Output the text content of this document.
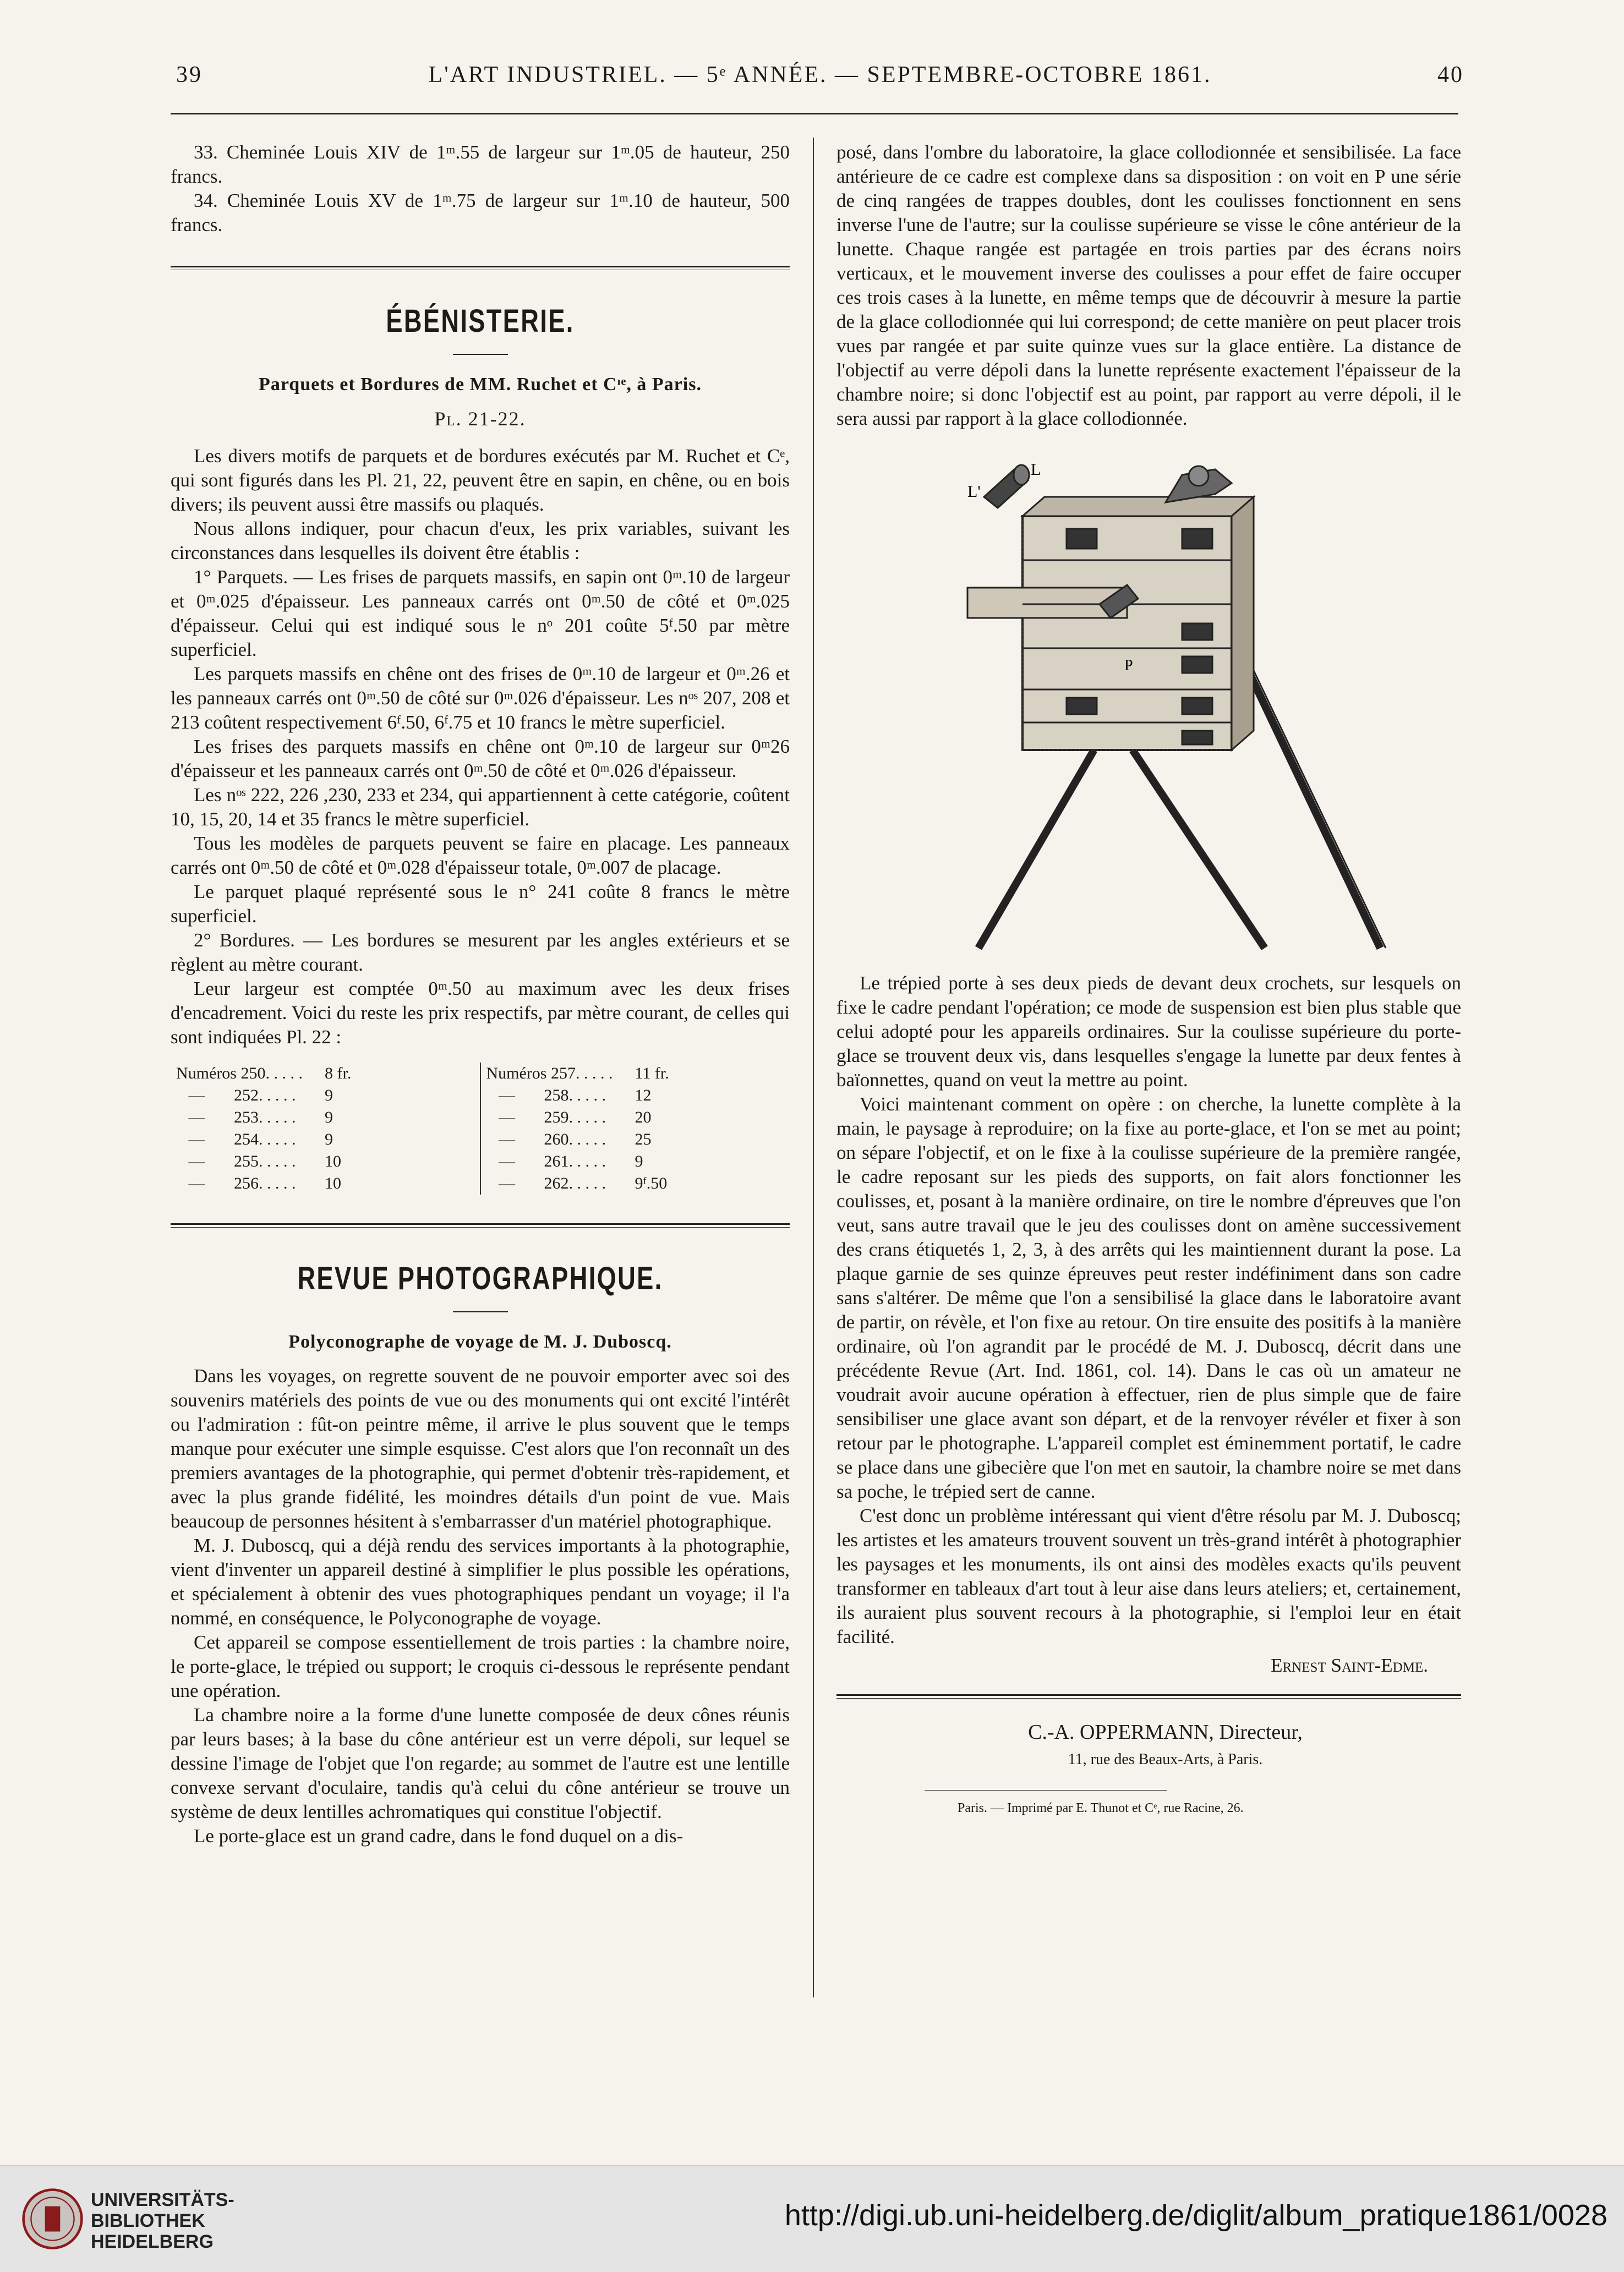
39	L'ART INDUSTRIEL. — 5ᵉ ANNÉE. — SEPTEMBRE-OCTOBRE 1861.	40

33. Cheminée Louis XIV de 1ᵐ.55 de largeur sur 1ᵐ.05 de hauteur, 250 francs.

34. Cheminée Louis XV de 1ᵐ.75 de largeur sur 1ᵐ.10 de hauteur, 500 francs.

ÉBÉNISTERIE.
Parquets et Bordures de MM. Ruchet et Cᶦᵉ, à Paris.
Pl. 21-22.

Les divers motifs de parquets et de bordures exécutés par M. Ruchet et Cᵉ, qui sont figurés dans les Pl. 21, 22, peuvent être en sapin, en chêne, ou en bois divers; ils peuvent aussi être massifs ou plaqués.

Nous allons indiquer, pour chacun d'eux, les prix variables, suivant les circonstances dans lesquelles ils doivent être établis :

1° Parquets. — Les frises de parquets massifs, en sapin ont 0ᵐ.10 de largeur et 0ᵐ.025 d'épaisseur. Les panneaux carrés ont 0ᵐ.50 de côté et 0ᵐ.025 d'épaisseur. Celui qui est indiqué sous le nᵒ 201 coûte 5ᶠ.50 par mètre superficiel.

Les parquets massifs en chêne ont des frises de 0ᵐ.10 de largeur et 0ᵐ.26 et les panneaux carrés ont 0ᵐ.50 de côté sur 0ᵐ.026 d'épaisseur. Les nᵒˢ 207, 208 et 213 coûtent respectivement 6ᶠ.50, 6ᶠ.75 et 10 francs le mètre superficiel.

Les frises des parquets massifs en chêne ont 0ᵐ.10 de largeur sur 0ᵐ26 d'épaisseur et les panneaux carrés ont 0ᵐ.50 de côté et 0ᵐ.026 d'épaisseur.

Les nᵒˢ 222, 226 ,230, 233 et 234, qui appartiennent à cette catégorie, coûtent 10, 15, 20, 14 et 35 francs le mètre superficiel.

Tous les modèles de parquets peuvent se faire en placage. Les panneaux carrés ont 0ᵐ.50 de côté et 0ᵐ.028 d'épaisseur totale, 0ᵐ.007 de placage.

Le parquet plaqué représenté sous le n° 241 coûte 8 francs le mètre superficiel.

2° Bordures. — Les bordures se mesurent par les angles extérieurs et se règlent au mètre courant.

Leur largeur est comptée 0ᵐ.50 au maximum avec les deux frises d'encadrement. Voici du reste les prix respectifs, par mètre courant, de celles qui sont indiquées Pl. 22 :

Numéros 250. . . . .	8 fr.
—       252. . . . .	9
—       253. . . . .	9
—       254. . . . .	9
—       255. . . . .	10
—       256. . . . .	10

Numéros 257. . . . .	11 fr.
—       258. . . . .	12
—       259. . . . .	20
—       260. . . . .	25
—       261. . . . .	9
—       262. . . . .	9ᶠ.50
REVUE PHOTOGRAPHIQUE.
Polyconographe de voyage de M. J. Duboscq.

Dans les voyages, on regrette souvent de ne pouvoir emporter avec soi des souvenirs matériels des points de vue ou des monuments qui ont excité l'intérêt ou l'admiration : fût-on peintre même, il arrive le plus souvent que le temps manque pour exécuter une simple esquisse. C'est alors que l'on reconnaît un des premiers avantages de la photographie, qui permet d'obtenir très-rapidement, et avec la plus grande fidélité, les moindres détails d'un point de vue. Mais beaucoup de personnes hésitent à s'embarrasser d'un matériel photographique.

M. J. Duboscq, qui a déjà rendu des services importants à la photographie, vient d'inventer un appareil destiné à simplifier le plus possible les opérations, et spécialement à obtenir des vues photographiques pendant un voyage; il l'a nommé, en conséquence, le Polyconographe de voyage.

Cet appareil se compose essentiellement de trois parties : la chambre noire, le porte-glace, le trépied ou support; le croquis ci-dessous le représente pendant une opération.

La chambre noire a la forme d'une lunette composée de deux cônes réunis par leurs bases; à la base du cône antérieur est un verre dépoli, sur lequel se dessine l'image de l'objet que l'on regarde; au sommet de l'autre est une lentille convexe servant d'oculaire, tandis qu'à celui du cône antérieur se trouve un système de deux lentilles achromatiques qui constitue l'objectif.

Le porte-glace est un grand cadre, dans le fond duquel on a dis-

posé, dans l'ombre du laboratoire, la glace collodionnée et sensibilisée. La face antérieure de ce cadre est complexe dans sa disposition : on voit en P une série de cinq rangées de trappes doubles, dont les coulisses fonctionnent en sens inverse l'une de l'autre; sur la coulisse supérieure se visse le cône antérieur de la lunette. Chaque rangée est partagée en trois parties par des écrans noirs verticaux, et le mouvement inverse des coulisses a pour effet de faire occuper ces trois cases à la lunette, en même temps que de découvrir à mesure la partie de la glace collodionnée qui lui correspond; de cette manière on peut placer trois vues par rangée et par suite quinze vues sur la glace entière. La distance de l'objectif au verre dépoli dans la lunette représente exactement l'épaisseur de la chambre noire; si donc l'objectif est au point, par rapport au verre dépoli, il le sera aussi par rapport à la glace collodionnée.

L
L'
P

Le trépied porte à ses deux pieds de devant deux crochets, sur lesquels on fixe le cadre pendant l'opération; ce mode de suspension est bien plus stable que celui adopté pour les appareils ordinaires. Sur la coulisse supérieure du porte-glace se trouvent deux vis, dans lesquelles s'engage la lunette par deux fentes à baïonnettes, quand on veut la mettre au point.

Voici maintenant comment on opère : on cherche, la lunette complète à la main, le paysage à reproduire; on la fixe au porte-glace, et l'on se met au point; on sépare l'objectif, et on le fixe à la coulisse supérieure de la première rangée, le cadre reposant sur les pieds des supports, on fait alors fonctionner les coulisses, et, posant à la manière ordinaire, on tire le nombre d'épreuves que l'on veut, sans autre travail que le jeu des coulisses dont on amène successivement des crans étiquetés 1, 2, 3, à des arrêts qui les maintiennent durant la pose. La plaque garnie de ses quinze épreuves peut rester indéfiniment dans son cadre sans s'altérer. De même que l'on a sensibilisé la glace dans le laboratoire avant de partir, on révèle, et l'on fixe au retour. On tire ensuite des positifs à la manière ordinaire, où l'on agrandit par le procédé de M. J. Duboscq, décrit dans une précédente Revue (Art. Ind. 1861, col. 14). Dans le cas où un amateur ne voudrait avoir aucune opération à effectuer, rien de plus simple que de faire sensibiliser une glace avant son départ, et de la renvoyer révéler et fixer à son retour par le photographe. L'appareil complet est éminemment portatif, le cadre se place dans une gibecière que l'on met en sautoir, la chambre noire se met dans sa poche, le trépied sert de canne.

C'est donc un problème intéressant qui vient d'être résolu par M. J. Duboscq; les artistes et les amateurs trouvent souvent un très-grand intérêt à photographier les paysages et les monuments, ils ont ainsi des modèles exacts qu'ils peuvent transformer en tableaux d'art tout à leur aise dans leurs ateliers; et, certainement, ils auraient plus souvent recours à la photographie, si l'emploi leur en était facilité.

Ernest Saint-Edme.
C.-A. OPPERMANN, Directeur,
11, rue des Beaux-Arts, à Paris.
Paris. — Imprimé par E. Thunot et Cᵉ, rue Racine, 26.
UNIVERSITÄTS-
BIBLIOTHEK
HEIDELBERG
http://digi.ub.uni-heidelberg.de/diglit/album_pratique1861/0028
